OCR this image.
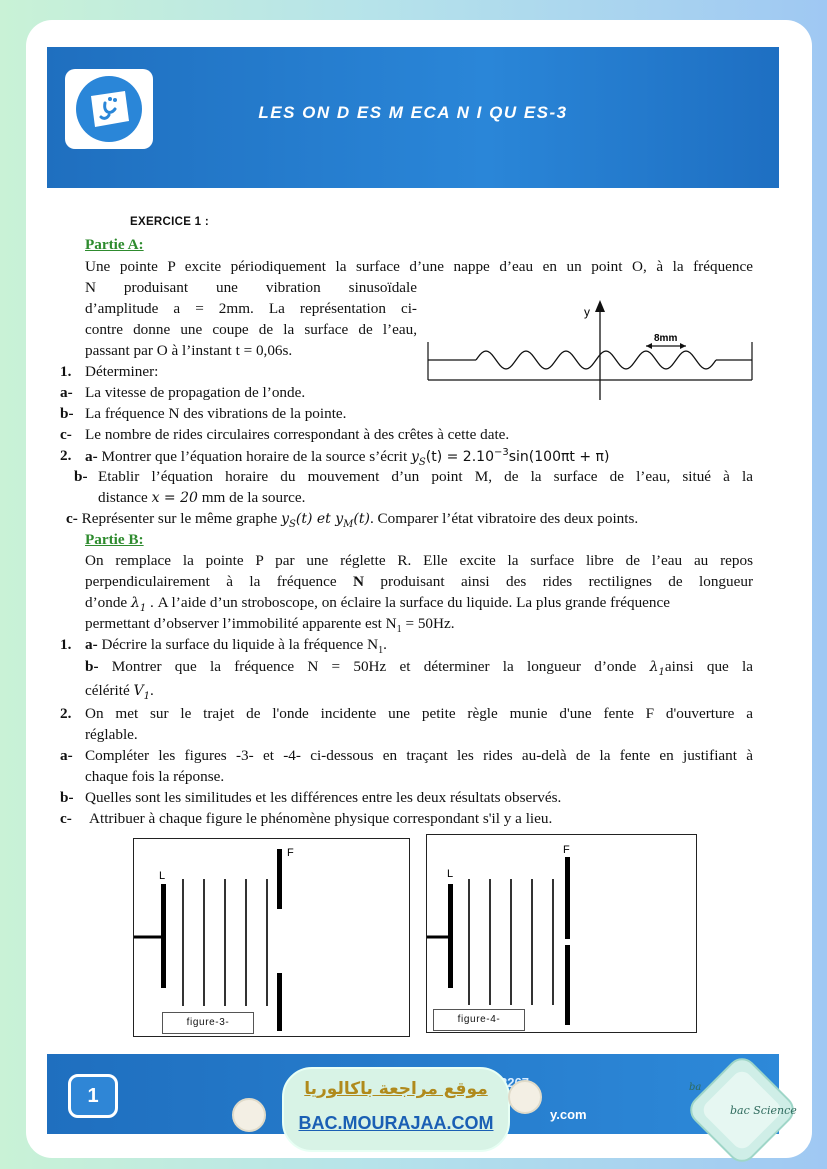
LES ON D ES M ECA N I QU ES-3
EXERCICE 1 :
Partie A:
Une pointe P excite périodiquement la surface d’une nappe d’eau en un point O, à la fréquence
N produisant une vibration sinusoïdale
d’amplitude a = 2mm. La représentation ci-
contre donne une coupe de la surface de l’eau,
passant par O à l’instant t = 0,06s.
y
8mm
1. Déterminer:
a- La vitesse de propagation de l’onde.
b- La fréquence N des vibrations de la pointe.
c- Le nombre de rides circulaires correspondant à des crêtes à cette date.
2. a- Montrer que l’équation horaire de la source s’écrit $y_S(t) = 2.10^{-3}\sin(100\pi t + \pi)$
b- Etablir l’équation horaire du mouvement d’un point M, de la surface de l’eau, situé à la
distance x = 20 mm de la source.
c- Représenter sur le même graphe $y_S(t)$ et $y_M(t)$. Comparer l’état vibratoire des deux points.
Partie B:
On remplace la pointe P par une réglette R. Elle excite la surface libre de l’eau au repos
perpendiculairement à la fréquence N produisant ainsi des rides rectilignes de longueur
d’onde $\lambda_1$ . A l’aide d’un stroboscope, on éclaire la surface du liquide. La plus grande fréquence
permettant d’observer l’immobilité apparente est $N_1 = 50Hz$.
1. a- Décrire la surface du liquide à la fréquence $N_1$.
b- Montrer que la fréquence N = 50Hz et déterminer la longueur d’onde $\lambda_1ainsi$ que la
célérité $V_1$.
2. On met sur le trajet de l'onde incidente une petite règle munie d'une fente F d'ouverture a
réglable.
a- Compléter les figures -3- et -4- ci-dessous en traçant les rides au-delà de la fente en justifiant à
chaque fois la réponse.
b- Quelles sont les similitudes et les différences entre les deux résultats observés.
c- Attribuer à chaque figure le phénomène physique correspondant s'il y a lieu.
F
L
figure-3-
F
L
figure-4-
1
y.com
موقع مراجعة باكالوريا
BAC.MOURAJAA.COM
bac Science
ba
